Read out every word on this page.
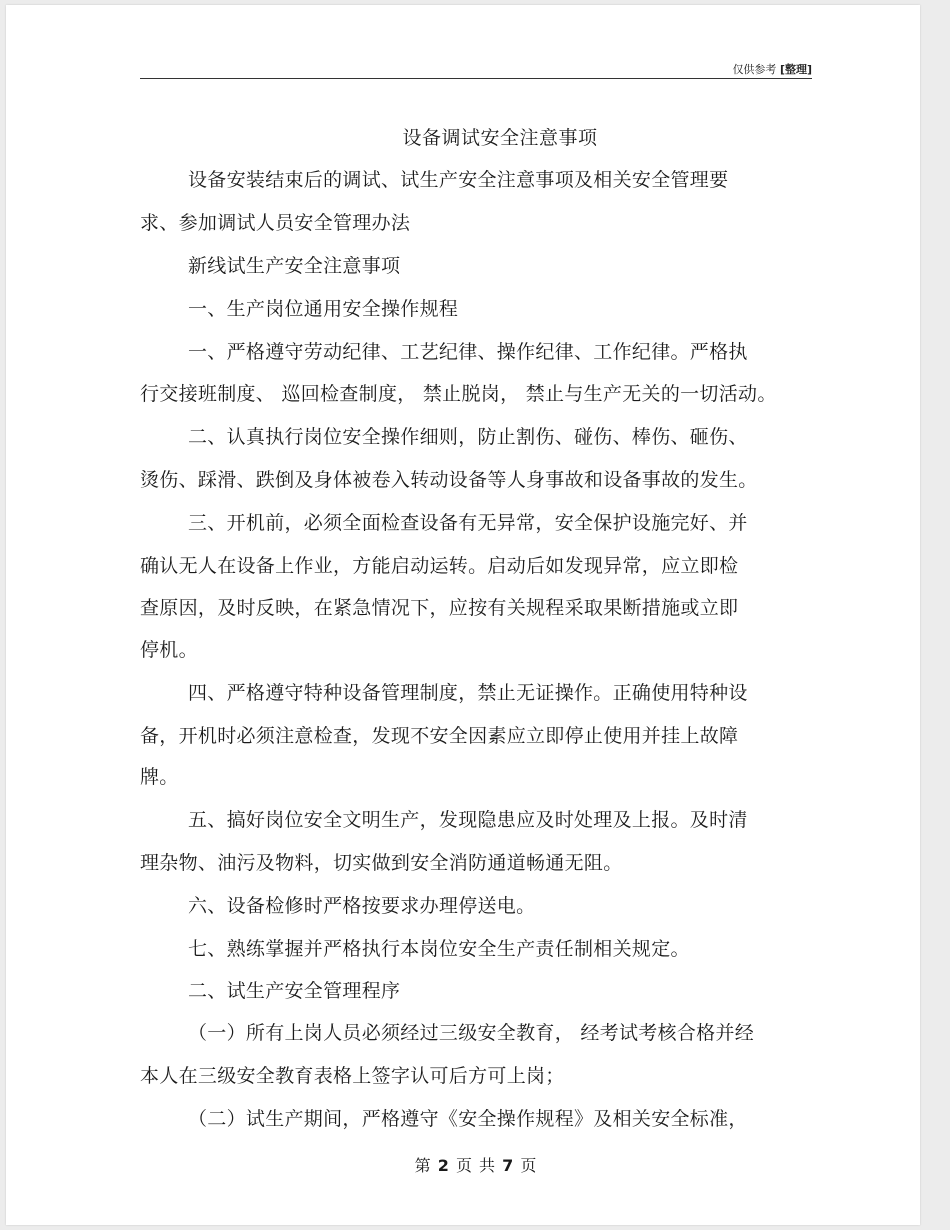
仅供参考 [整理]
设备调试安全注意事项
设备安装结束后的调试、试生产安全注意事项及相关安全管理要
求、参加调试人员安全管理办法
新线试生产安全注意事项
一、生产岗位通用安全操作规程
一、严格遵守劳动纪律、工艺纪律、操作纪律、工作纪律。严格执
行交接班制度、 巡回检查制度， 禁止脱岗， 禁止与生产无关的一切活动。
二、认真执行岗位安全操作细则，防止割伤、碰伤、棒伤、砸伤、
烫伤、踩滑、跌倒及身体被卷入转动设备等人身事故和设备事故的发生。
三、开机前，必须全面检查设备有无异常，安全保护设施完好、并
确认无人在设备上作业，方能启动运转。启动后如发现异常，应立即检
查原因，及时反映，在紧急情况下，应按有关规程采取果断措施或立即
停机。
四、严格遵守特种设备管理制度，禁止无证操作。正确使用特种设
备，开机时必须注意检查，发现不安全因素应立即停止使用并挂上故障
牌。
五、搞好岗位安全文明生产，发现隐患应及时处理及上报。及时清
理杂物、油污及物料，切实做到安全消防通道畅通无阻。
六、设备检修时严格按要求办理停送电。
七、熟练掌握并严格执行本岗位安全生产责任制相关规定。
二、试生产安全管理程序
（一）所有上岗人员必须经过三级安全教育， 经考试考核合格并经
本人在三级安全教育表格上签字认可后方可上岗；
（二）试生产期间，严格遵守《安全操作规程》及相关安全标准，
第 2 页 共 7 页
